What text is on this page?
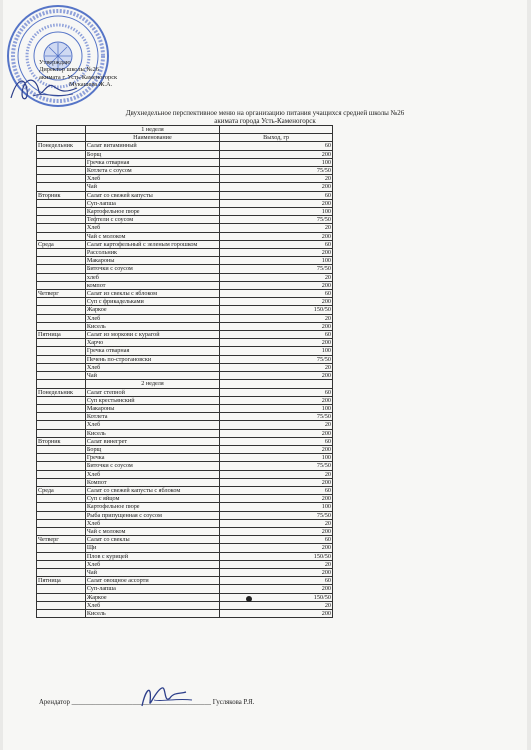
Утверждаю
Директор школы №26
акимата г. Усть-Каменогорск
Мукашева Ж.А.
Двухнедельное перспективное меню на организацию питания учащихся средней школы №26
акимата города Усть-Каменогорск
	1 неделя	
	Наименование	Выход, гр
Понедельник	Салат витаминный	60
	Борщ	200
	Гречка отварная	100
	Котлета с соусом	75/50
	Хлеб	20
	Чай	200
Вторник	Салат со свежей капусты	60
	Суп-лапша	200
	Картофельное пюре	100
	Тефтели с соусом	75/50
	Хлеб	20
	Чай с молоком	200
Среда	Салат картофельный с зеленым горошком	60
	Рассольник	200
	Макароны	100
	Биточки с соусом	75/50
	хлеб	20
	компот	200
Четверг	Салат из свеклы с яблоком	60
	Суп с фрикадельками	200
	Жаркое	150/50
	Хлеб	20
	Кисель	200
Пятница	Салат из моркови с курагой	60
	Харчо	200
	Гречка отварная	100
	Печень по-строгановски	75/50
	Хлеб	20
	Чай	200
	2 неделя	
Понедельник	Салат степной	60
	Суп крестьянский	200
	Макароны	100
	Котлета	75/50
	Хлеб	20
	Кисель	200
Вторник	Салат винегрет	60
	Борщ	200
	Гречка	100
	Биточки с соусом	75/50
	Хлеб	20
	Компот	200
Среда	Салат со свежей капусты с яблоком	60
	Суп с яйцом	200
	Картофельное пюре	100
	Рыба припущенная с соусом	75/50
	Хлеб	20
	Чай с молоком	200
Четверг	Салат со свеклы	60
	Щи	200
	Плов с курицей	150/50
	Хлеб	20
	Чай	200
Пятница	Салат овощное ассорти	60
	Суп-лапша	200
	Жаркое	150/50
	Хлеб	20
	Кисель	200
Арендатор _________________________________________ Гуслякова Р.Я.
